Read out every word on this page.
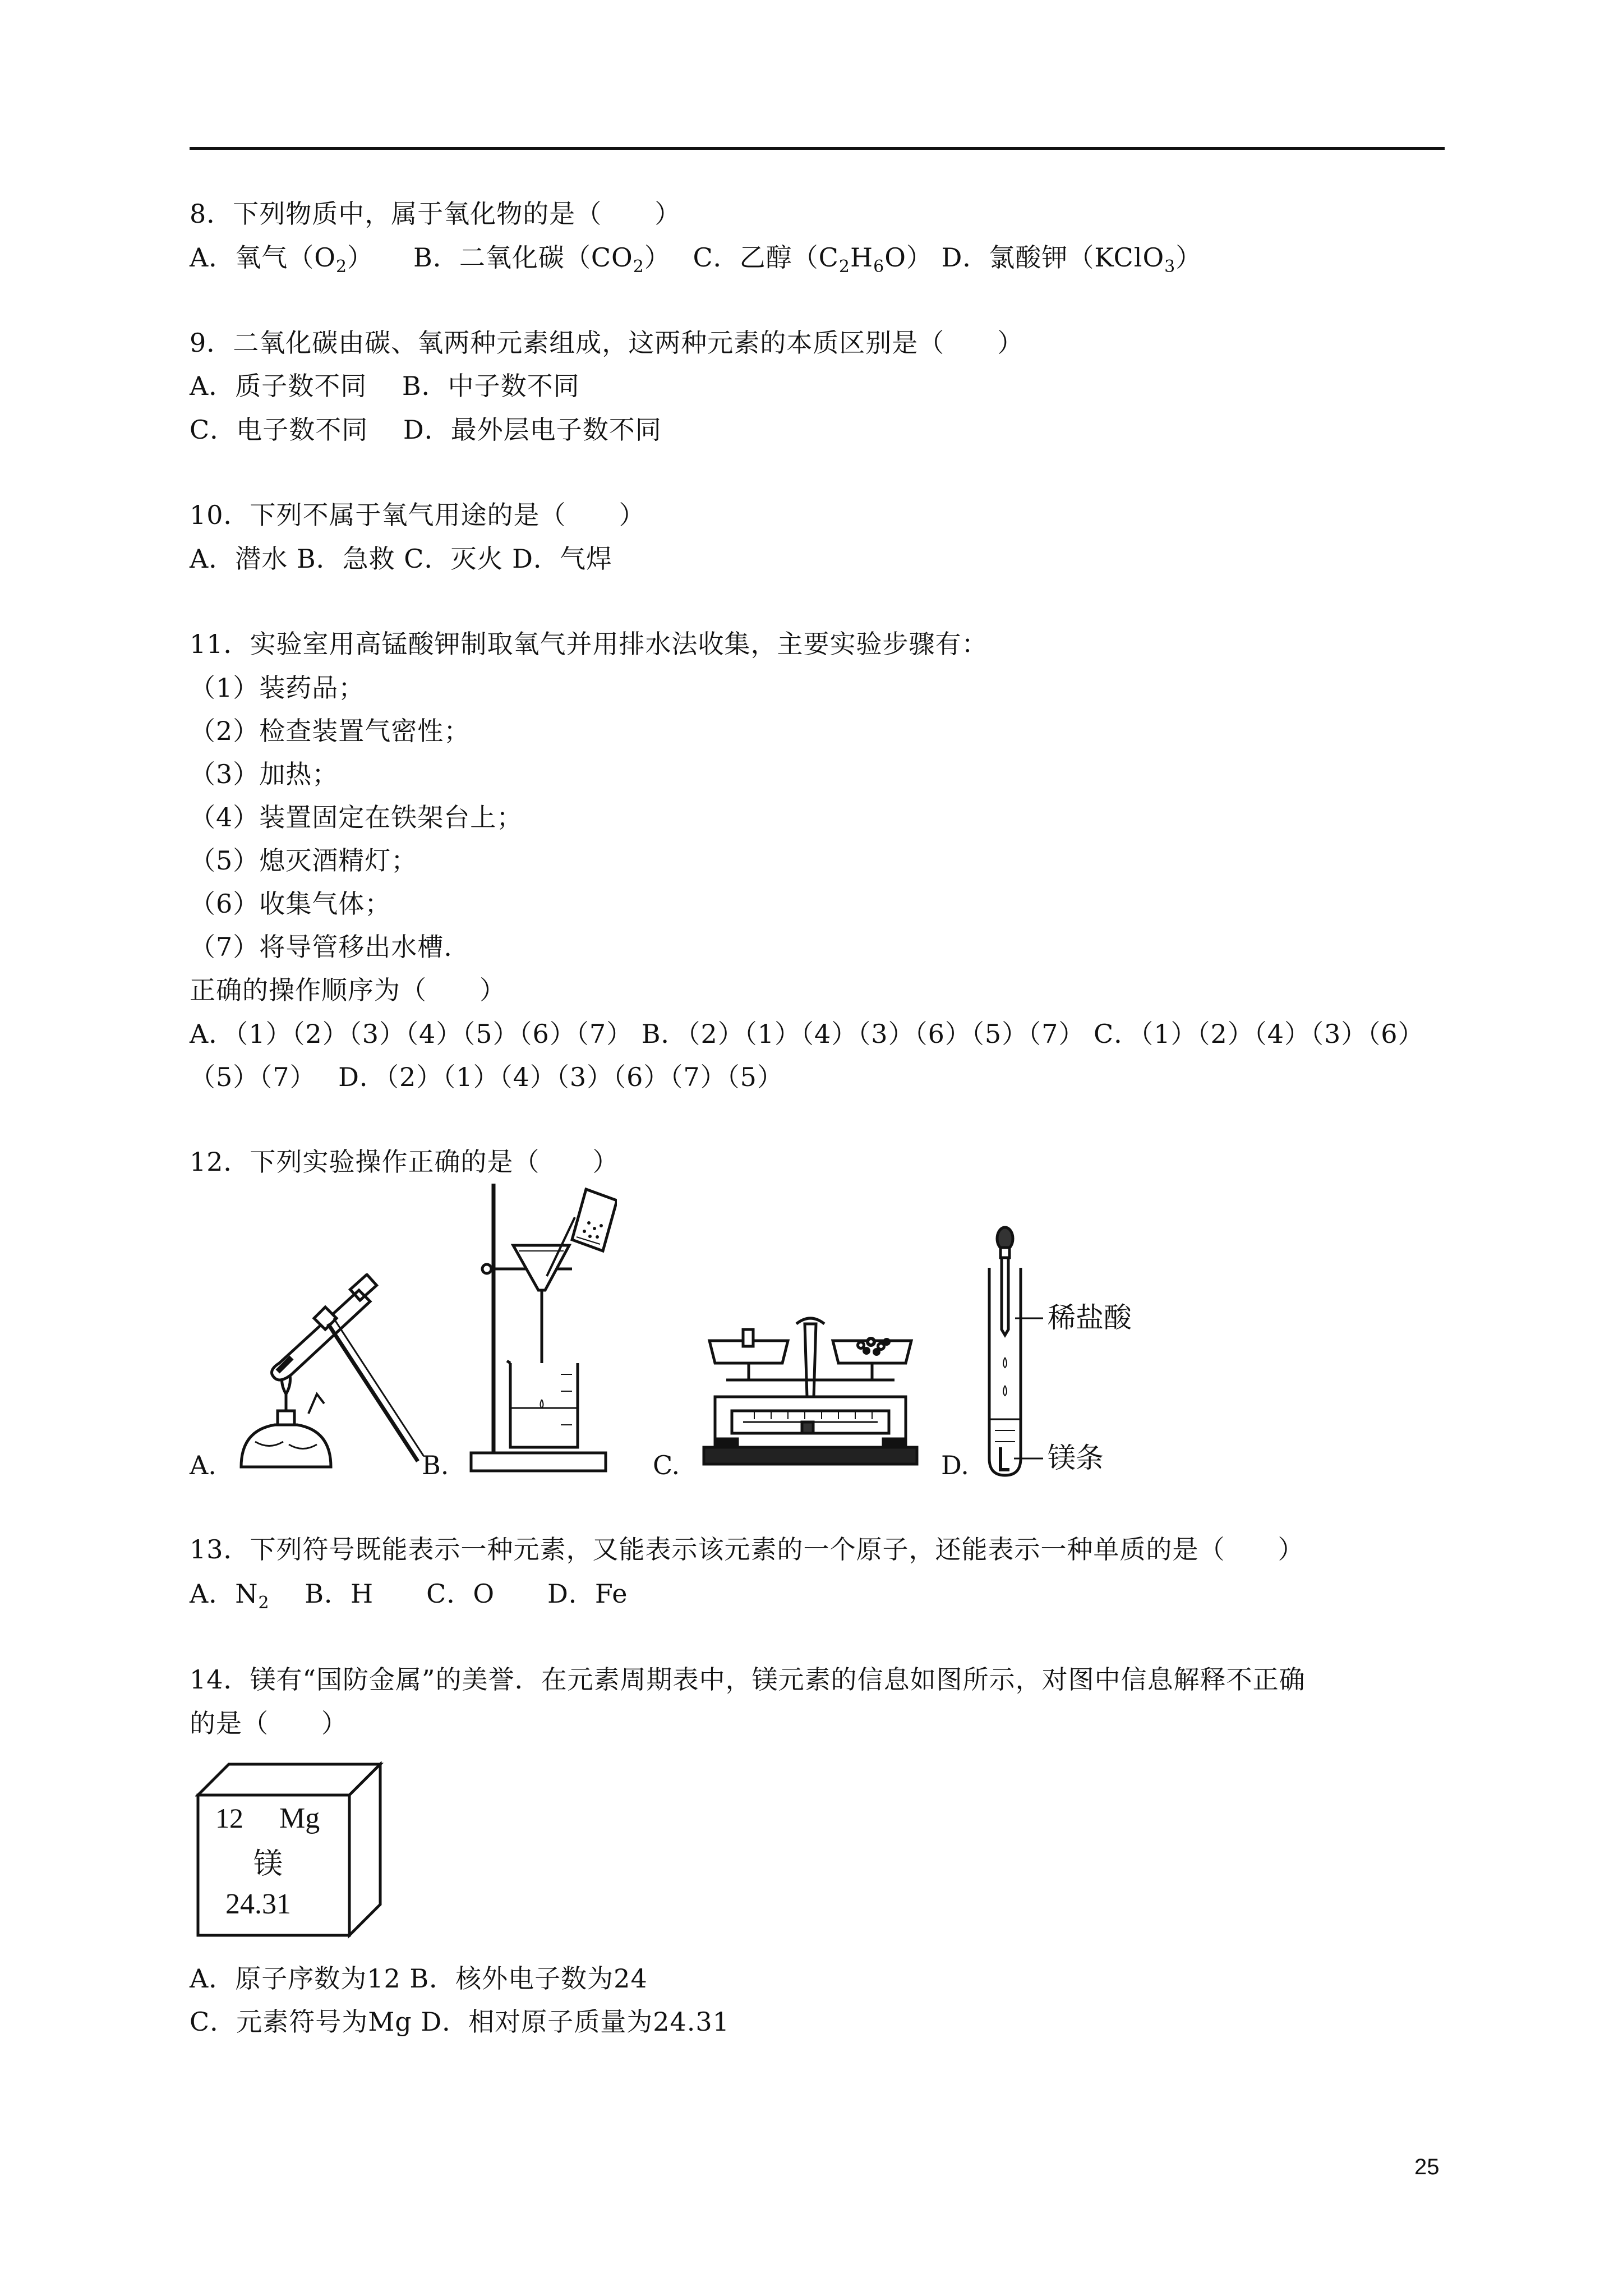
8．下列物质中，属于氧化物的是（　　）
A．氧气$(O_2)$　　 B．二氧化碳$(CO_2)$　 C．乙醇$(C_2H_6O)$ D．氯酸钾（KClO$_3$）
9．二氧化碳由碳、氧两种元素组成，这两种元素的本质区别是（　　）
A．质子数不同　 B．中子数不同
C．电子数不同　 D．最外层电子数不同
10．下列不属于氧气用途的是（　　）
A．潜水 B．急救 C．灭火 D．气焊
11．实验室用高锰酸钾制取氧气并用排水法收集，主要实验步骤有：
（1）装药品；
（2）检查装置气密性；
（3）加热；
（4）装置固定在铁架台上；
（5）熄灭酒精灯；
（6）收集气体；
（7）将导管移出水槽.
正确的操作顺序为（　　）
A．（1）（2）（3）（4）（5）（6）（7） B．（2）（1）（4）（3）（6）（5）（7） C．（1）（2）（4）（3）（6）
（5）（7）　 D．（2）（1）（4）（3）（6）（7）（5）
12．下列实验操作正确的是（　　）
A.	B.	C.	D.
稀盐酸
镁条
13．下列符号既能表示一种元素，又能表示该元素的一个原子，还能表示一种单质的是（　　）
A．$N_2$　 B．H　　C．O　　D．Fe
14．镁有“国防金属”的美誉．在元素周期表中，镁元素的信息如图所示，对图中信息解释不正确
的是（　　）
12 Mg
镁
24.31
A．原子序数为12 B．核外电子数为24
C．元素符号为Mg D．相对原子质量为24.31
25
